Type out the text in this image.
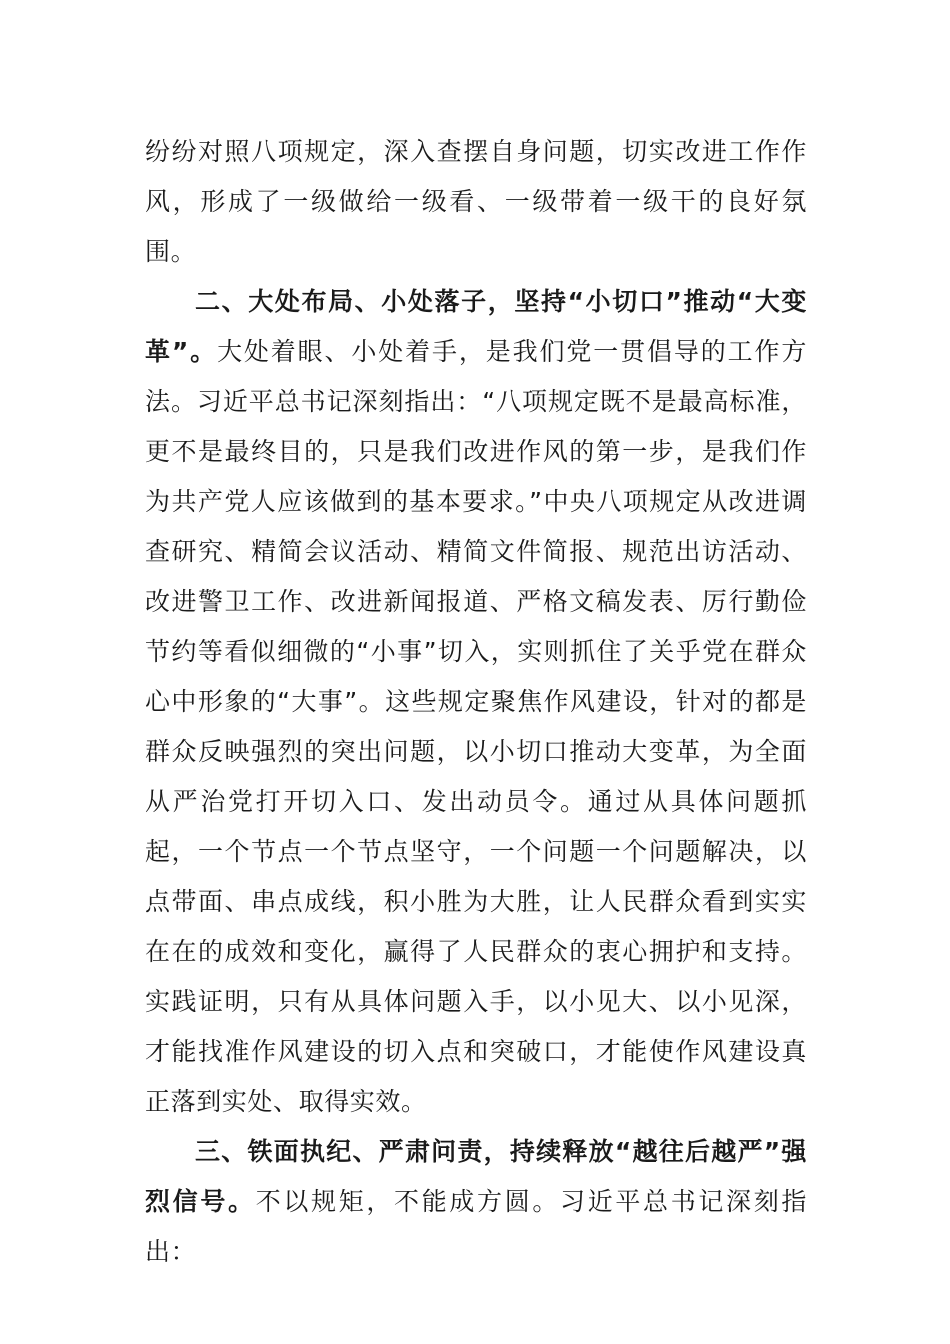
纷纷对照八项规定，深入查摆自身问题，切实改进工作作风，形成了一级做给一级看、一级带着一级干的良好氛围。

二、大处布局、小处落子，坚持“小切口”推动“大变革”。大处着眼、小处着手，是我们党一贯倡导的工作方法。习近平总书记深刻指出：“八项规定既不是最高标准，更不是最终目的，只是我们改进作风的第一步，是我们作为共产党人应该做到的基本要求。”中央八项规定从改进调查研究、精简会议活动、精简文件简报、规范出访活动、改进警卫工作、改进新闻报道、严格文稿发表、厉行勤俭节约等看似细微的“小事”切入，实则抓住了关乎党在群众心中形象的“大事”。这些规定聚焦作风建设，针对的都是群众反映强烈的突出问题，以小切口推动大变革，为全面从严治党打开切入口、发出动员令。通过从具体问题抓起，一个节点一个节点坚守，一个问题一个问题解决，以点带面、串点成线，积小胜为大胜，让人民群众看到实实在在的成效和变化，赢得了人民群众的衷心拥护和支持。实践证明，只有从具体问题入手，以小见大、以小见深，才能找准作风建设的切入点和突破口，才能使作风建设真正落到实处、取得实效。

三、铁面执纪、严肃问责，持续释放“越往后越严”强烈信号。不以规矩，不能成方圆。习近平总书记深刻指出：
